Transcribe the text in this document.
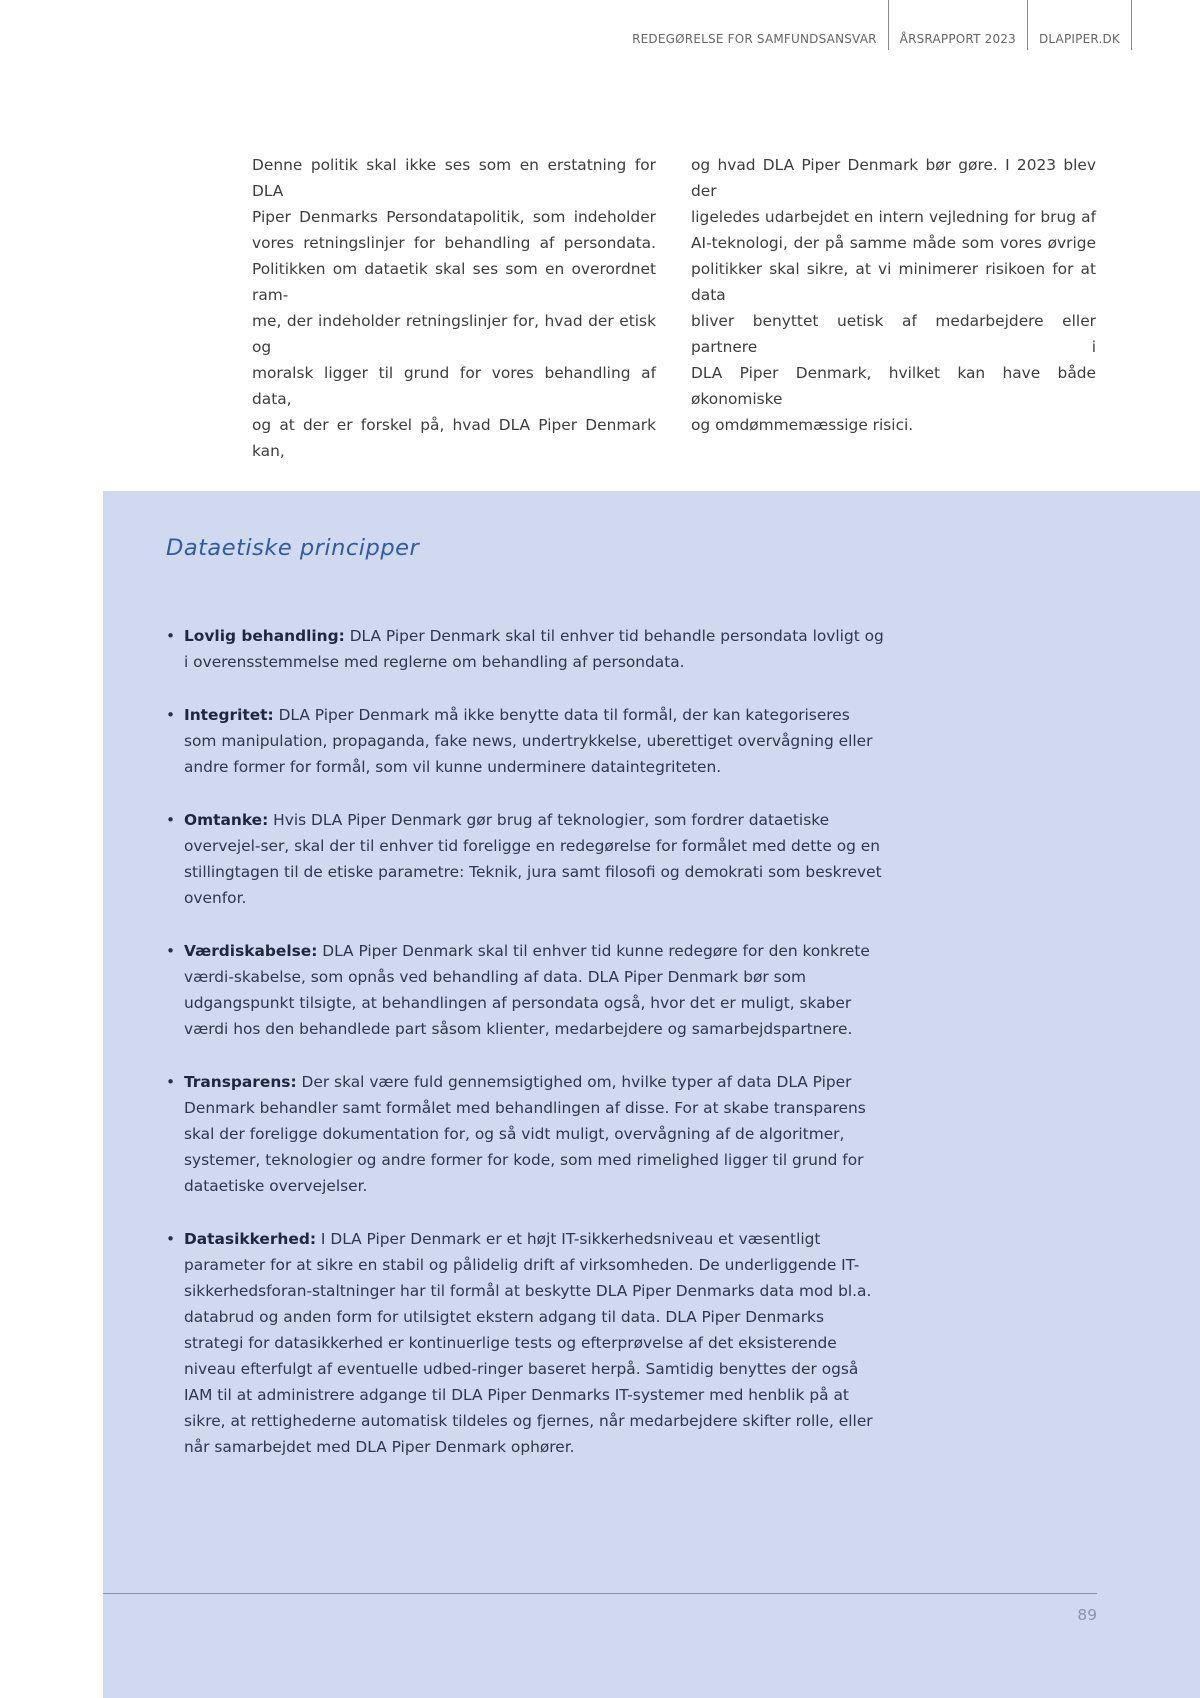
REDEGØRELSE FOR SAMFUNDSANSVAR ÅRSRAPPORT 2023 DLAPIPER.DK

Denne politik skal ikke ses som en erstatning for DLA
Piper Denmarks Persondatapolitik, som indeholder
vores retningslinjer for behandling af persondata.
Politikken om dataetik skal ses som en overordnet ram-
me, der indeholder retningslinjer for, hvad der etisk og
moralsk ligger til grund for vores behandling af data,
og at der er forskel på, hvad DLA Piper Denmark kan,

og hvad DLA Piper Denmark bør gøre. I 2023 blev der
ligeledes udarbejdet en intern vejledning for brug af
AI-teknologi, der på samme måde som vores øvrige
politikker skal sikre, at vi minimerer risikoen for at data
bliver benyttet uetisk af medarbejdere eller partnere i
DLA Piper Denmark, hvilket kan have både økonomiske
og omdømmemæssige risici.

Dataetiske principper
• Lovlig behandling: DLA Piper Denmark skal til enhver tid behandle persondata lovligt og i overensstemmelse med reglerne om behandling af persondata.
• Integritet: DLA Piper Denmark må ikke benytte data til formål, der kan kategoriseres som manipulation, propaganda, fake news, undertrykkelse, uberettiget overvågning eller andre former for formål, som vil kunne underminere dataintegriteten.
• Omtanke: Hvis DLA Piper Denmark gør brug af teknologier, som fordrer dataetiske overvejel-ser, skal der til enhver tid foreligge en redegørelse for formålet med dette og en stillingtagen til de etiske parametre: Teknik, jura samt filosofi og demokrati som beskrevet ovenfor.
• Værdiskabelse: DLA Piper Denmark skal til enhver tid kunne redegøre for den konkrete værdi-skabelse, som opnås ved behandling af data. DLA Piper Denmark bør som udgangspunkt tilsigte, at behandlingen af persondata også, hvor det er muligt, skaber værdi hos den behandlede part såsom klienter, medarbejdere og samarbejdspartnere.
• Transparens: Der skal være fuld gennemsigtighed om, hvilke typer af data DLA Piper Denmark behandler samt formålet med behandlingen af disse. For at skabe transparens skal der foreligge dokumentation for, og så vidt muligt, overvågning af de algoritmer, systemer, teknologier og andre former for kode, som med rimelighed ligger til grund for dataetiske overvejelser.
• Datasikkerhed: I DLA Piper Denmark er et højt IT-sikkerhedsniveau et væsentligt parameter for at sikre en stabil og pålidelig drift af virksomheden. De underliggende IT-sikkerhedsforan-staltninger har til formål at beskytte DLA Piper Denmarks data mod bl.a. databrud og anden form for utilsigtet ekstern adgang til data. DLA Piper Denmarks strategi for datasikkerhed er kontinuerlige tests og efterprøvelse af det eksisterende niveau efterfulgt af eventuelle udbed-ringer baseret herpå. Samtidig benyttes der også IAM til at administrere adgange til DLA Piper Denmarks IT-systemer med henblik på at sikre, at rettighederne automatisk tildeles og fjernes, når medarbejdere skifter rolle, eller når samarbejdet med DLA Piper Denmark ophører.
89
